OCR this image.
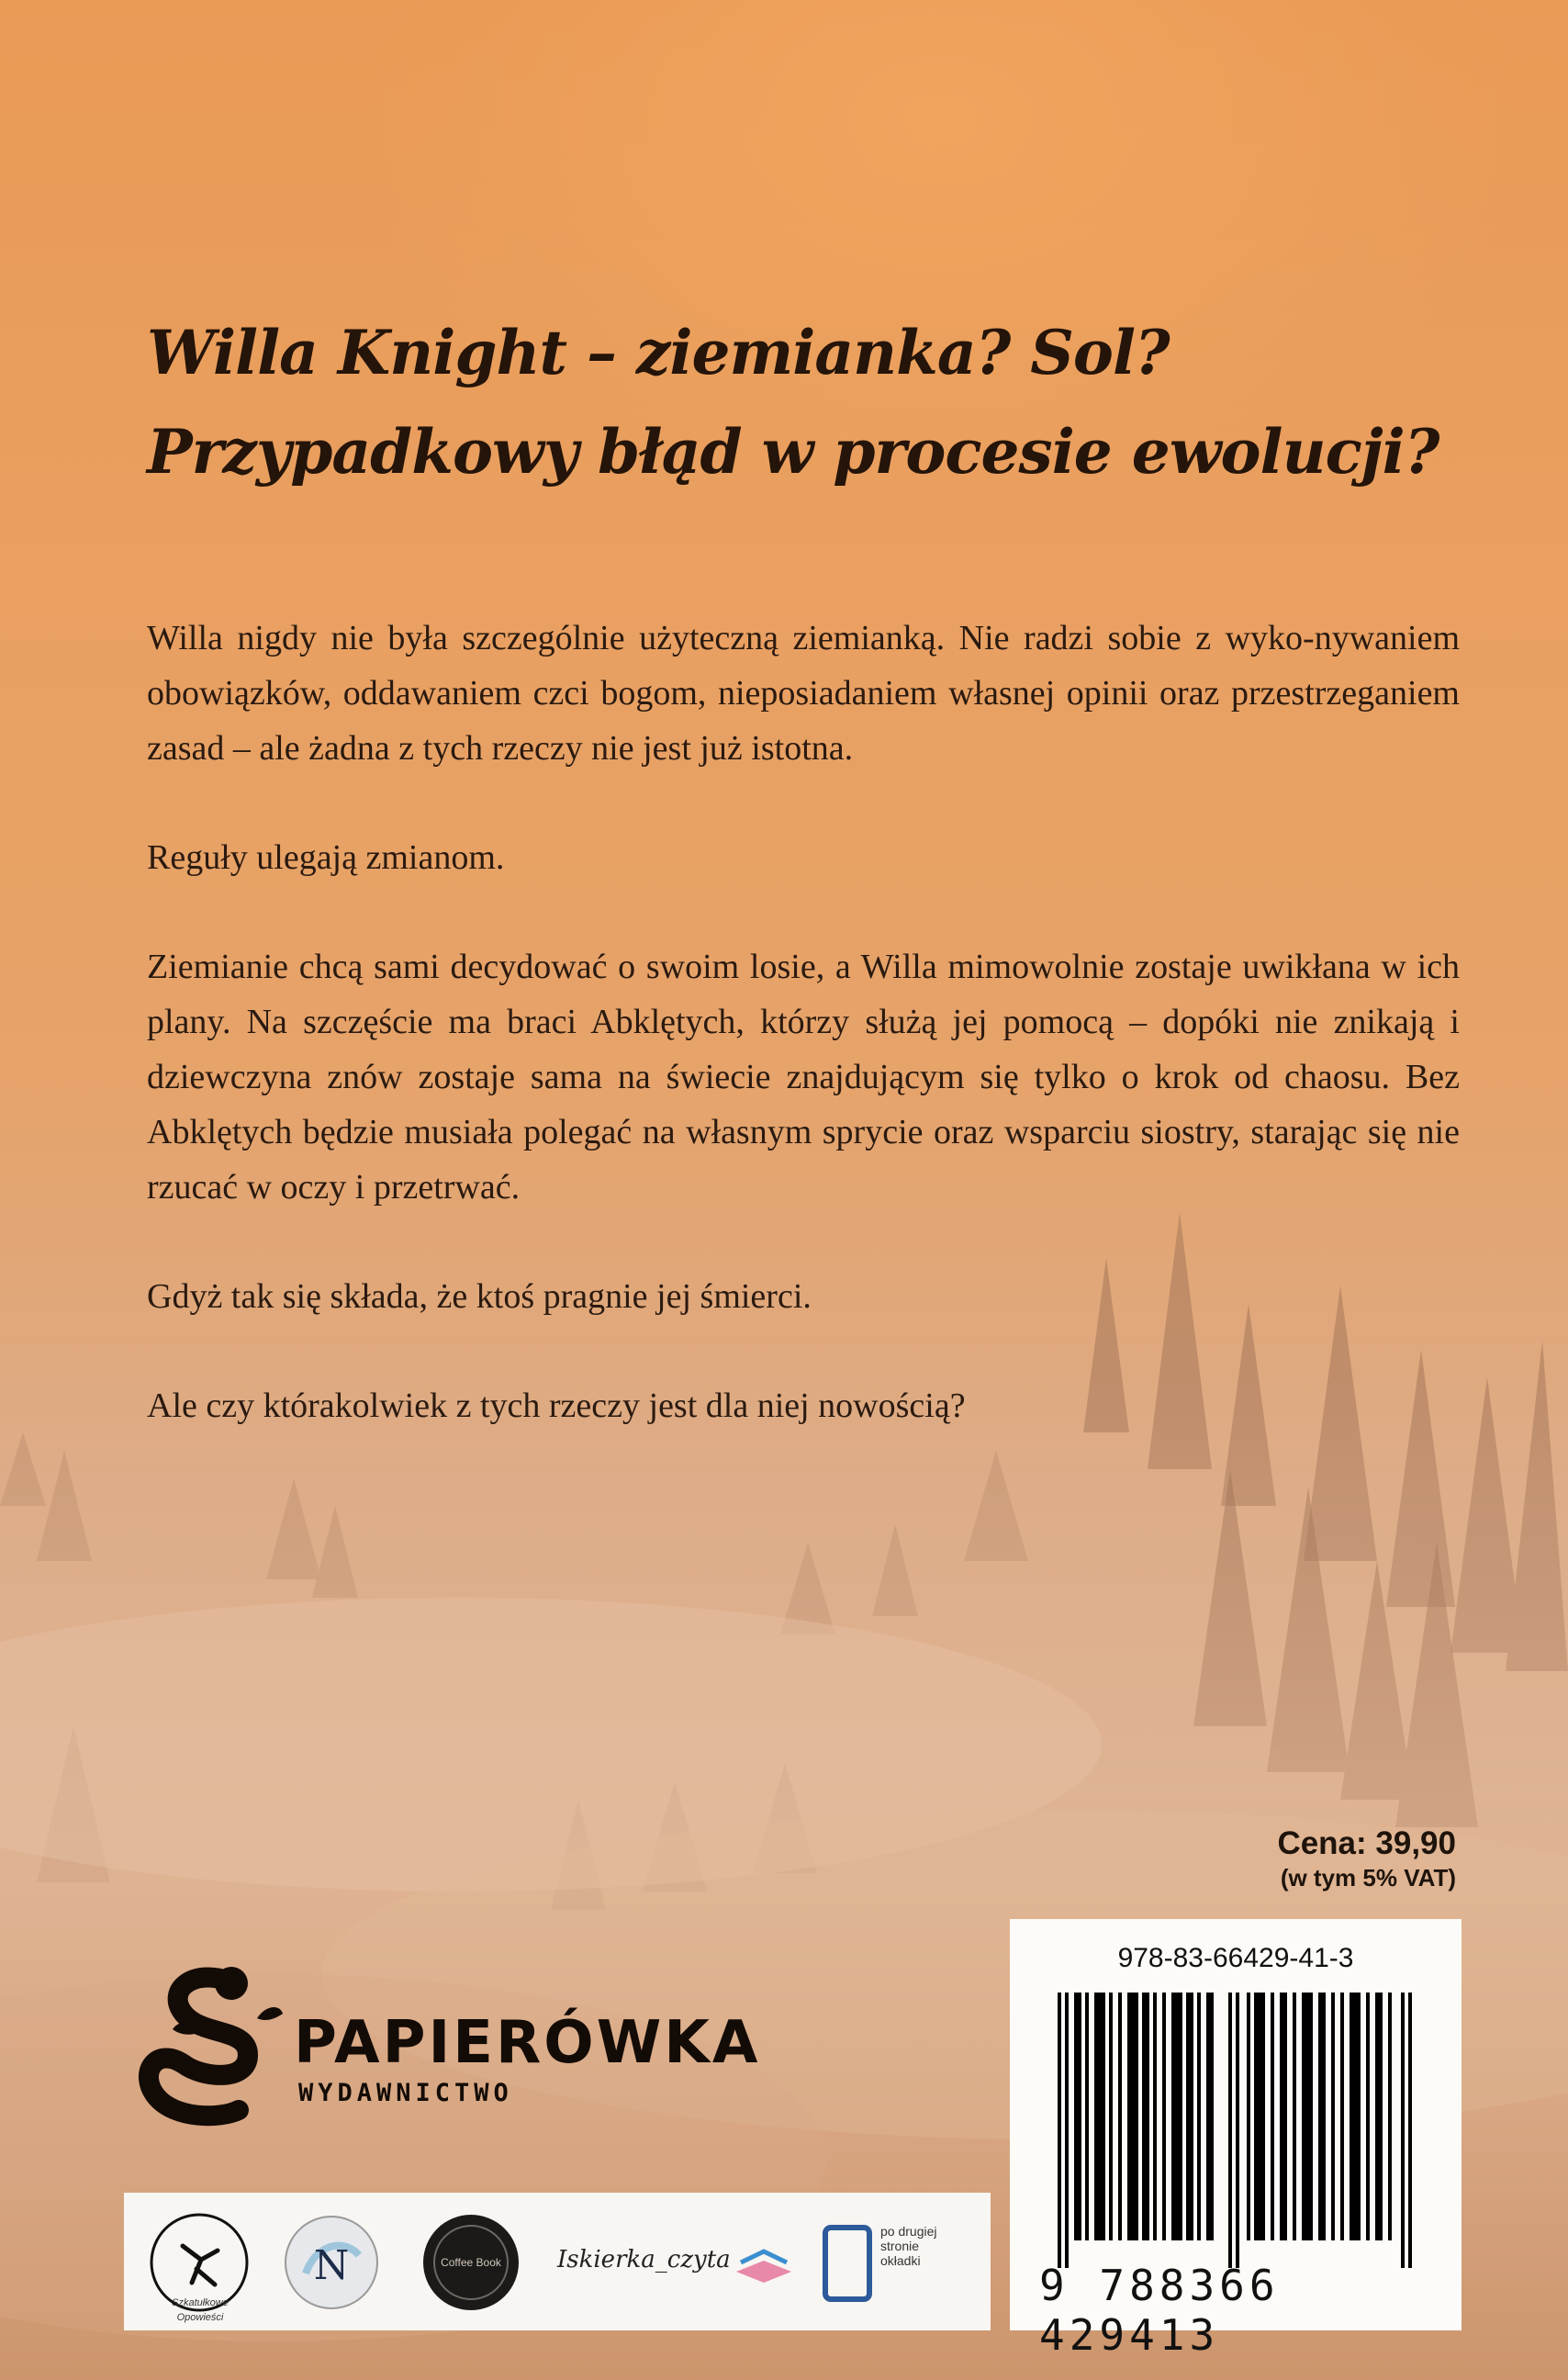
Willa Knight – ziemianka? Sol? Przypadkowy błąd w procesie ewolucji?

Willa nigdy nie była szczególnie użyteczną ziemianką. Nie radzi sobie z wyko-nywaniem obowiązków, oddawaniem czci bogom, nieposiadaniem własnej opinii oraz przestrzeganiem zasad – ale żadna z tych rzeczy nie jest już istotna.

Reguły ulegają zmianom.

Ziemianie chcą sami decydować o swoim losie, a Willa mimowolnie zostaje uwikłana w ich plany. Na szczęście ma braci Abklętych, którzy służą jej pomocą – dopóki nie znikają i dziewczyna znów zostaje sama na świecie znajdującym się tylko o krok od chaosu. Bez Abklętych będzie musiała polegać na własnym sprycie oraz wsparciu siostry, starając się nie rzucać w oczy i przetrwać.

Gdyż tak się składa, że ktoś pragnie jej śmierci.

Ale czy którakolwiek z tych rzeczy jest dla niej nowością?

Cena: 39,90
(w tym 5% VAT)
PAPIERÓWKA
WYDAWNICTWO
978-83-66429-41-3
9 788366 429413
Szkatułkowe Opowieści
N	Coffee Book Iskierka_czyta
po drugiej stronie okładki
